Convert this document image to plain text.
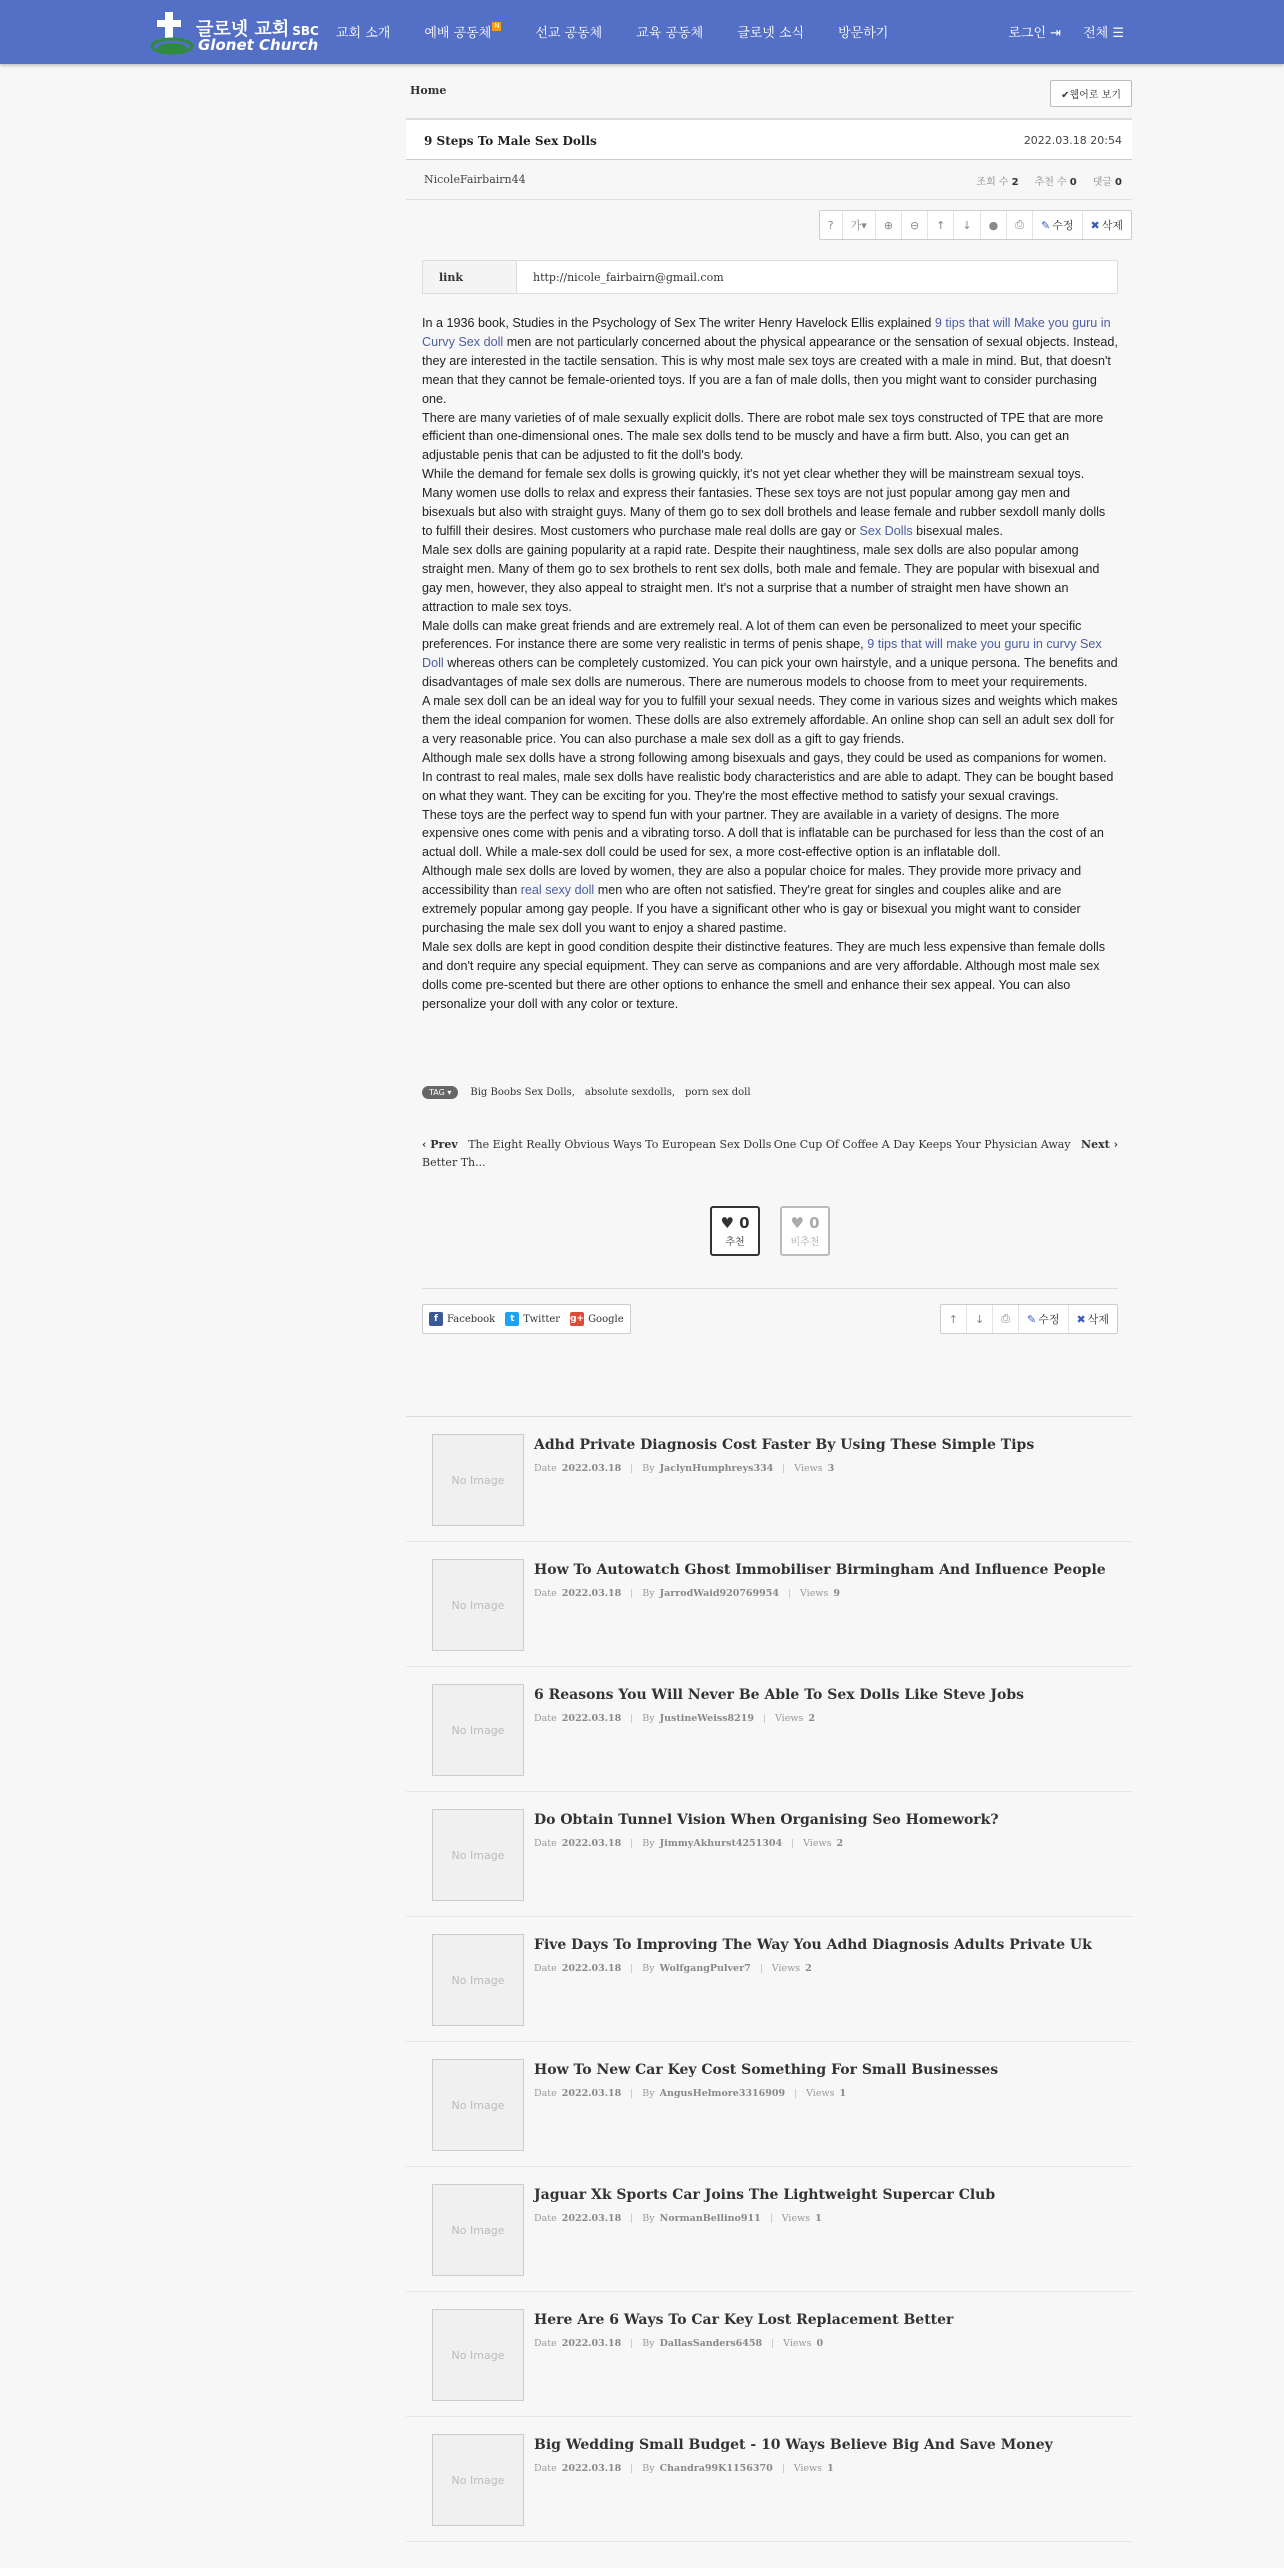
글로넷 교회 SBC
Glonet Church
교회 소개	예배 공동체 N	선교 공동체	교육 공동체	글로넷 소식	방문하기	로그인 ⇥ 전체 ☰
Home	✔웹어로 보기
9 Steps To Male Sex Dolls	2022.03.18 20:54
NicoleFairbairn44	조회 수 2 추천 수 0 댓글 0
?	가 ▾	⊕	⊖	↑	↓	●	⎙	✎ 수정 ✖ 삭제
link	http://nicole_fairbairn@gmail.com

In a 1936 book, Studies in the Psychology of Sex The writer Henry Havelock Ellis explained 9 tips that will Make you guru in Curvy Sex doll men are not particularly concerned about the physical appearance or the sensation of sexual objects. Instead, they are interested in the tactile sensation. This is why most male sex toys are created with a male in mind. But, that doesn't mean that they cannot be female-oriented toys. If you are a fan of male dolls, then you might want to consider purchasing one.

There are many varieties of of male sexually explicit dolls. There are robot male sex toys constructed of TPE that are more efficient than one-dimensional ones. The male sex dolls tend to be muscly and have a firm butt. Also, you can get an adjustable penis that can be adjusted to fit the doll's body.

While the demand for female sex dolls is growing quickly, it's not yet clear whether they will be mainstream sexual toys. Many women use dolls to relax and express their fantasies. These sex toys are not just popular among gay men and bisexuals but also with straight guys. Many of them go to sex doll brothels and lease female and rubber sexdoll manly dolls to fulfill their desires. Most customers who purchase male real dolls are gay or Sex Dolls bisexual males.

Male sex dolls are gaining popularity at a rapid rate. Despite their naughtiness, male sex dolls are also popular among straight men. Many of them go to sex brothels to rent sex dolls, both male and female. They are popular with bisexual and gay men, however, they also appeal to straight men. It's not a surprise that a number of straight men have shown an attraction to male sex toys.

Male dolls can make great friends and are extremely real. A lot of them can even be personalized to meet your specific preferences. For instance there are some very realistic in terms of penis shape, 9 tips that will make you guru in curvy Sex Doll whereas others can be completely customized. You can pick your own hairstyle, and a unique persona. The benefits and disadvantages of male sex dolls are numerous. There are numerous models to choose from to meet your requirements.

A male sex doll can be an ideal way for you to fulfill your sexual needs. They come in various sizes and weights which makes them the ideal companion for women. These dolls are also extremely affordable. An online shop can sell an adult sex doll for a very reasonable price. You can also purchase a male sex doll as a gift to gay friends.

Although male sex dolls have a strong following among bisexuals and gays, they could be used as companions for women. In contrast to real males, male sex dolls have realistic body characteristics and are able to adapt. They can be bought based on what they want. They can be exciting for you. They're the most effective method to satisfy your sexual cravings.

These toys are the perfect way to spend fun with your partner. They are available in a variety of designs. The more expensive ones come with penis and a vibrating torso. A doll that is inflatable can be purchased for less than the cost of an actual doll. While a male-sex doll could be used for sex, a more cost-effective option is an inflatable doll.

Although male sex dolls are loved by women, they are also a popular choice for males. They provide more privacy and accessibility than real sexy doll men who are often not satisfied. They're great for singles and couples alike and are extremely popular among gay people. If you have a significant other who is gay or bisexual you might want to consider purchasing the male sex doll you want to enjoy a shared pastime.

Male sex dolls are kept in good condition despite their distinctive features. They are much less expensive than female dolls and don't require any special equipment. They can serve as companions and are very affordable. Although most male sex dolls come pre-scented but there are other options to enhance the smell and enhance their sex appeal. You can also personalize your doll with any color or texture.

TAG ▾	Big Boobs Sex Dolls, absolute sexdolls, porn sex doll
‹ Prev The Eight Really Obvious Ways To European Sex Dolls Better Th...
One Cup Of Coffee A Day Keeps Your Physician Away Next ›
♥ 0
추천
♥ 0
비추천
f Facebook	t Twitter g+ Google	↑	↓	⎙	✎ 수정 ✖ 삭제
No Image
Adhd Private Diagnosis Cost Faster By Using These Simple Tips
Date 2022.03.18 By JaclynHumphreys334 Views 3
No Image
How To Autowatch Ghost Immobiliser Birmingham And Influence People
Date 2022.03.18 By JarrodWaid920769954 Views 9
No Image
6 Reasons You Will Never Be Able To Sex Dolls Like Steve Jobs
Date 2022.03.18 By JustineWeiss8219 Views 2
No Image
Do Obtain Tunnel Vision When Organising Seo Homework?
Date 2022.03.18 By JimmyAkhurst4251304 Views 2
No Image
Five Days To Improving The Way You Adhd Diagnosis Adults Private Uk
Date 2022.03.18 By WolfgangPulver7 Views 2
No Image
How To New Car Key Cost Something For Small Businesses
Date 2022.03.18 By AngusHelmore3316909 Views 1
No Image
Jaguar Xk Sports Car Joins The Lightweight Supercar Club
Date 2022.03.18 By NormanBellino911 Views 1
No Image
Here Are 6 Ways To Car Key Lost Replacement Better
Date 2022.03.18 By DallasSanders6458 Views 0
No Image
Big Wedding Small Budget - 10 Ways Believe Big And Save Money
Date 2022.03.18 By Chandra99K1156370 Views 1
